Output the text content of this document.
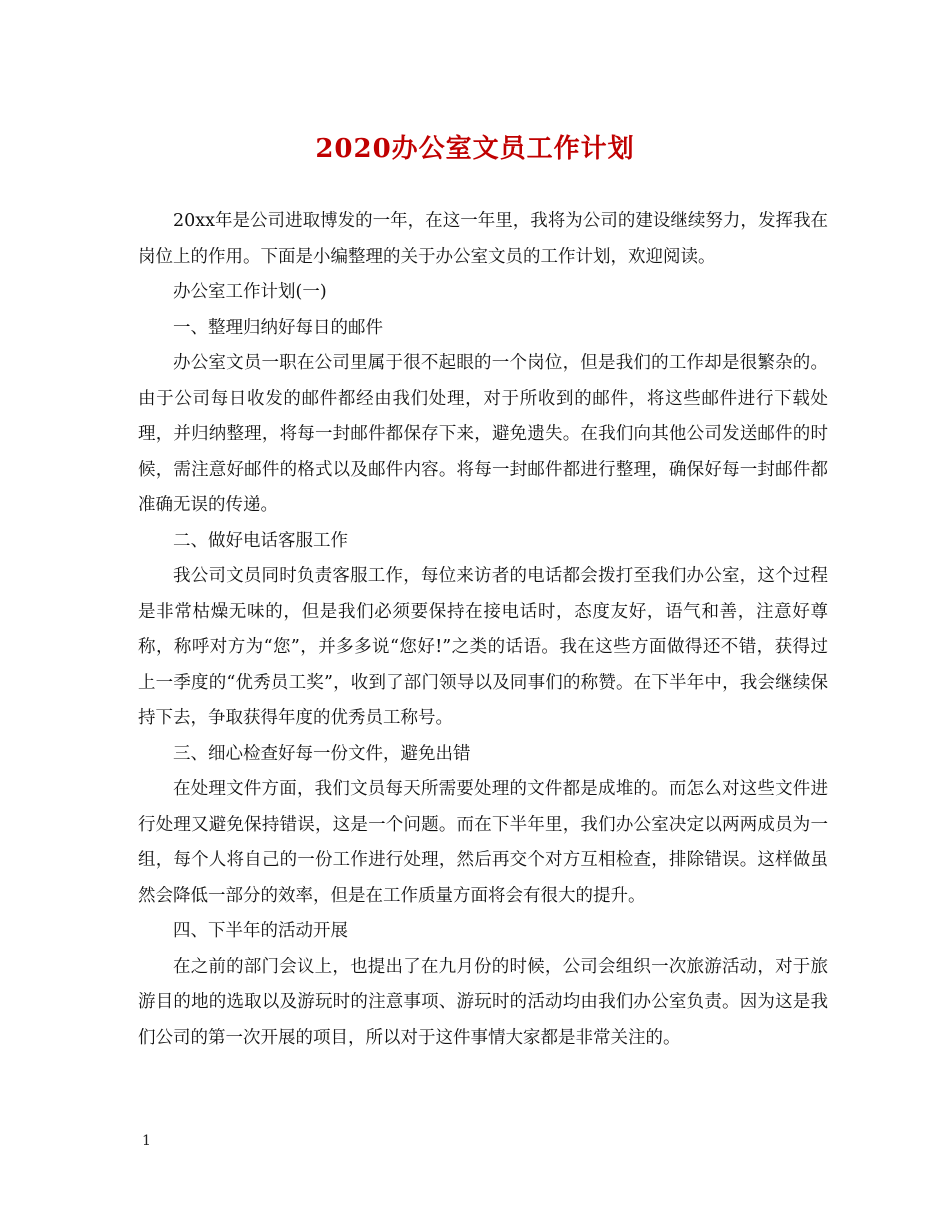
2020办公室文员工作计划

20xx年是公司进取博发的一年，在这一年里，我将为公司的建设继续努力，发挥我在岗位上的作用。下面是小编整理的关于办公室文员的工作计划，欢迎阅读。

办公室工作计划(一)

一、整理归纳好每日的邮件

办公室文员一职在公司里属于很不起眼的一个岗位，但是我们的工作却是很繁杂的。 由于公司每日收发的邮件都经由我们处理，对于所收到的邮件，将这些邮件进行下载处理，并归纳整理，将每一封邮件都保存下来，避免遗失。在我们向其他公司发送邮件的时候，需注意好邮件的格式以及邮件内容。将每一封邮件都进行整理，确保好每一封邮件都准确无误的传递。

二、做好电话客服工作

我公司文员同时负责客服工作，每位来访者的电话都会拨打至我们办公室，这个过程是非常枯燥无味的，但是我们必须要保持在接电话时，态度友好，语气和善，注意好尊称，称呼对方为“您”，并多多说“您好!”之类的话语。我在这些方面做得还不错，获得过上一季度的“优秀员工奖”，收到了部门领导以及同事们的称赞。在下半年中，我会继续保持下去，争取获得年度的优秀员工称号。

三、细心检查好每一份文件，避免出错

在处理文件方面，我们文员每天所需要处理的文件都是成堆的。而怎么对这些文件进行处理又避免保持错误，这是一个问题。而在下半年里，我们办公室决定以两两成员为一组，每个人将自己的一份工作进行处理，然后再交个对方互相检查，排除错误。这样做虽然会降低一部分的效率，但是在工作质量方面将会有很大的提升。

四、下半年的活动开展

在之前的部门会议上，也提出了在九月份的时候，公司会组织一次旅游活动，对于旅游目的地的选取以及游玩时的注意事项、游玩时的活动均由我们办公室负责。因为这是我们公司的第一次开展的项目，所以对于这件事情大家都是非常关注的。

1
